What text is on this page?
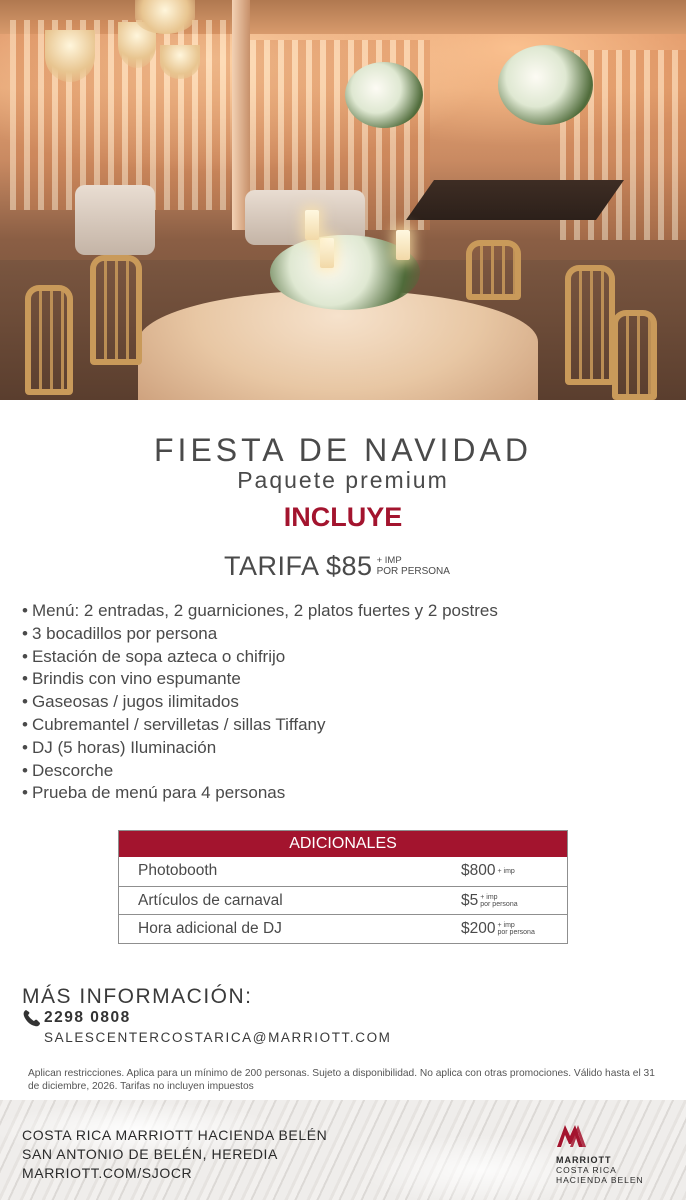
FIESTA DE NAVIDAD
Paquete premium
INCLUYE
TARIFA $85 + IMP
POR PERSONA
• Menú: 2 entradas, 2 guarniciones, 2 platos fuertes y 2 postres
• 3 bocadillos por persona
• Estación de sopa azteca o chifrijo
• Brindis con vino espumante
• Gaseosas / jugos ilimitados
• Cubremantel / servilletas / sillas Tiffany
• DJ (5 horas) Iluminación
• Descorche
• Prueba de menú para 4 personas
ADICIONALES
Photobooth	$800 + imp
Artículos de carnaval	$5 + imp
por persona
Hora adicional de DJ	$200 + imp
por persona
MÁS INFORMACIÓN:
2298 0808
SALESCENTERCOSTARICA@MARRIOTT.COM
Aplican restricciones. Aplica para un mínimo de 200 personas. Sujeto a disponibilidad. No aplica con otras promociones. Válido hasta el 31 de diciembre, 2026. Tarifas no incluyen impuestos
COSTA RICA MARRIOTT HACIENDA BELÉN
SAN ANTONIO DE BELÉN, HEREDIA
MARRIOTT.COM/SJOCR
MARRIOTT
COSTA RICA
HACIENDA BELEN
